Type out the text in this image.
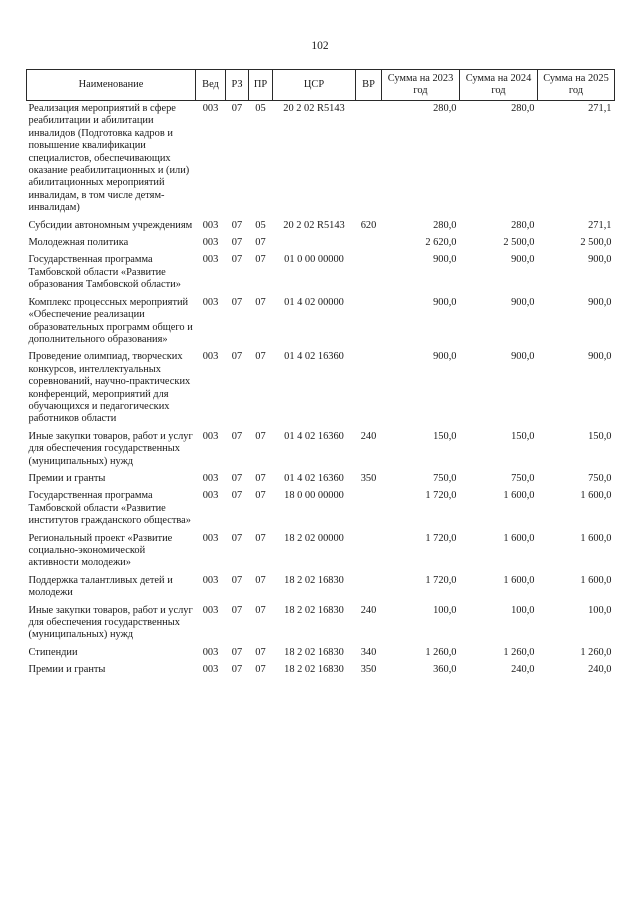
102
Наименование	Вед	РЗ	ПР	ЦСР	ВР	Сумма на 2023 год	Сумма на 2024 год	Сумма на 2025 год
Реализация мероприятий в сфере реабилитации и абилитации инвалидов (Подготовка кадров и повышение квалификации специалистов, обеспечивающих оказание реабилитационных и (или) абилитационных мероприятий инвалидам, в том числе детям-инвалидам)	003	07	05	20 2 02 R5143		280,0	280,0	271,1
Субсидии автономным учреждениям	003	07	05	20 2 02 R5143	620	280,0	280,0	271,1
Молодежная политика	003	07	07			2 620,0	2 500,0	2 500,0
Государственная программа Тамбовской области «Развитие образования Тамбовской области»	003	07	07	01 0 00 00000		900,0	900,0	900,0
Комплекс процессных мероприятий «Обеспечение реализации образовательных программ общего и дополнительного образования»	003	07	07	01 4 02 00000		900,0	900,0	900,0
Проведение олимпиад, творческих конкурсов, интеллектуальных соревнований, научно-практических конференций, мероприятий для обучающихся и педагогических работников области	003	07	07	01 4 02 16360		900,0	900,0	900,0
Иные закупки товаров, работ и услуг для обеспечения государственных (муниципальных) нужд	003	07	07	01 4 02 16360	240	150,0	150,0	150,0
Премии и гранты	003	07	07	01 4 02 16360	350	750,0	750,0	750,0
Государственная программа Тамбовской области «Развитие институтов гражданского общества»	003	07	07	18 0 00 00000		1 720,0	1 600,0	1 600,0
Региональный проект «Развитие социально-экономической активности молодежи»	003	07	07	18 2 02 00000		1 720,0	1 600,0	1 600,0
Поддержка талантливых детей и молодежи	003	07	07	18 2 02 16830		1 720,0	1 600,0	1 600,0
Иные закупки товаров, работ и услуг для обеспечения государственных (муниципальных) нужд	003	07	07	18 2 02 16830	240	100,0	100,0	100,0
Стипендии	003	07	07	18 2 02 16830	340	1 260,0	1 260,0	1 260,0
Премии и гранты	003	07	07	18 2 02 16830	350	360,0	240,0	240,0
